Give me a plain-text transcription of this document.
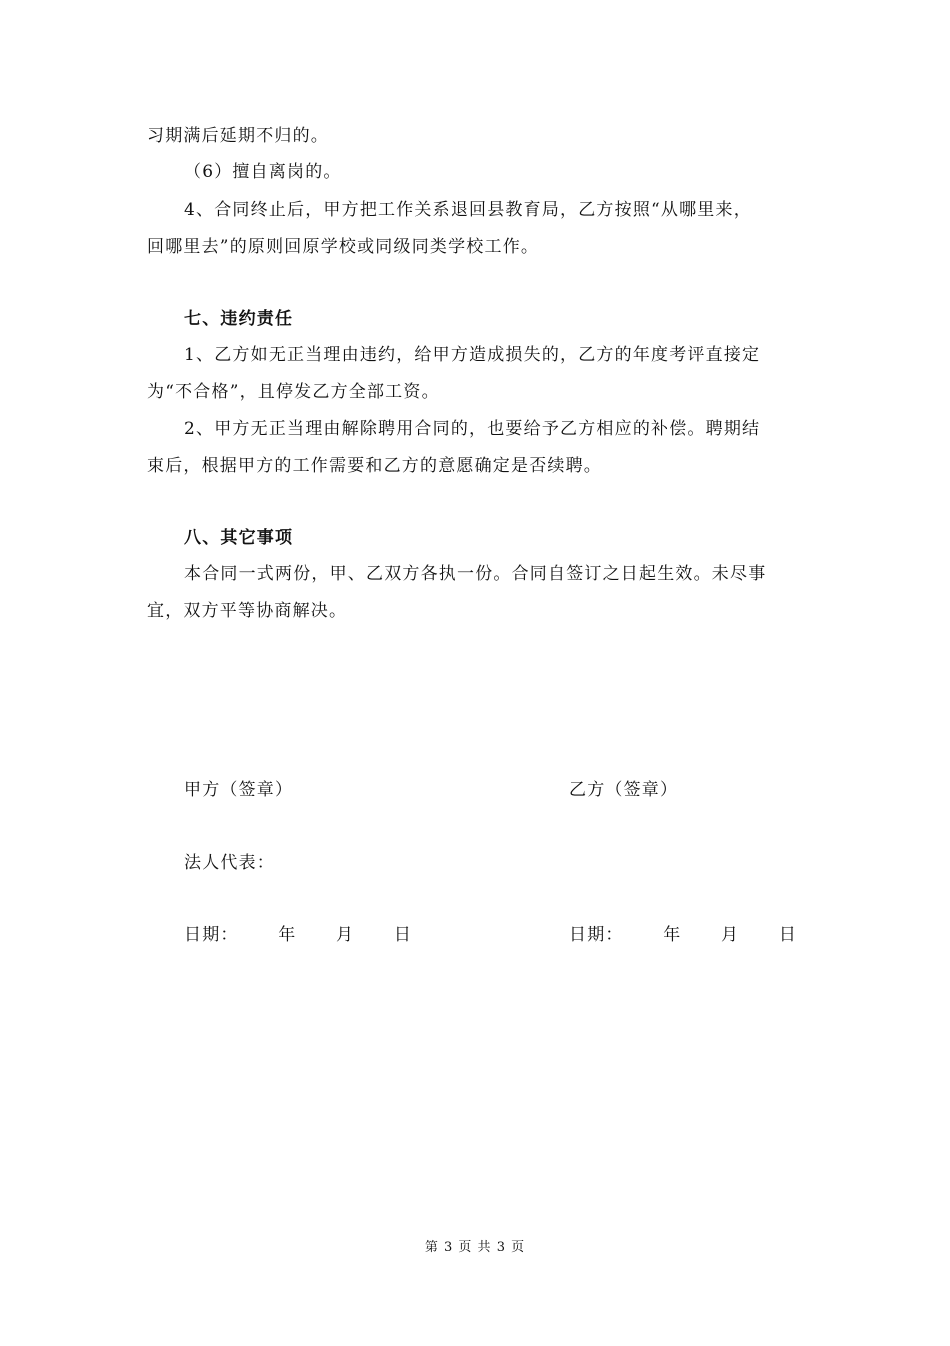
习期满后延期不归的。
（6）擅自离岗的。
4、合同终止后，甲方把工作关系退回县教育局，乙方按照“从哪里来，
回哪里去”的原则回原学校或同级同类学校工作。
七、违约责任
1、乙方如无正当理由违约，给甲方造成损失的，乙方的年度考评直接定
为“不合格”，且停发乙方全部工资。
2、甲方无正当理由解除聘用合同的，也要给予乙方相应的补偿。聘期结
束后，根据甲方的工作需要和乙方的意愿确定是否续聘。
八、其它事项
本合同一式两份，甲、乙双方各执一份。合同自签订之日起生效。未尽事
宜，双方平等协商解决。
甲方（签章）	乙方（签章）
法人代表：
日期：      年      月      日	日期：      年      月      日
第 3 页 共 3 页
